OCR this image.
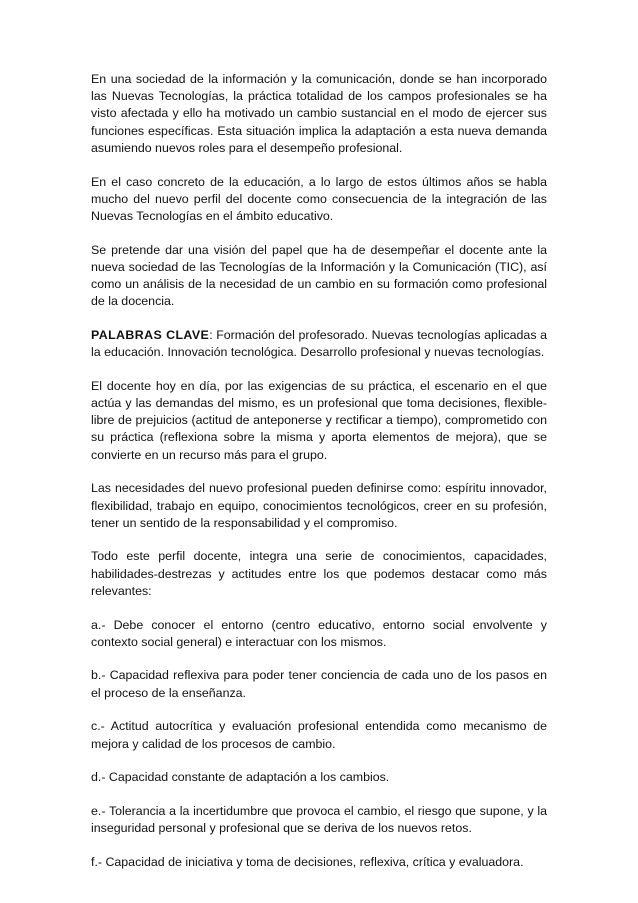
En una sociedad de la información y la comunicación, donde se han incorporado las Nuevas Tecnologías, la práctica totalidad de los campos profesionales se ha visto afectada y ello ha motivado un cambio sustancial en el modo de ejercer sus funciones específicas. Esta situación implica la adaptación a esta nueva demanda asumiendo nuevos roles para el desempeño profesional.

En el caso concreto de la educación, a lo largo de estos últimos años se habla mucho del nuevo perfil del docente como consecuencia de la integración de las Nuevas Tecnologías en el ámbito educativo.

Se pretende dar una visión del papel que ha de desempeñar el docente ante la nueva sociedad de las Tecnologías de la Información y la Comunicación (TIC), así como un análisis de la necesidad de un cambio en su formación como profesional de la docencia.

PALABRAS CLAVE: Formación del profesorado. Nuevas tecnologías aplicadas a la educación. Innovación tecnológica. Desarrollo profesional y nuevas tecnologías.

El docente hoy en día, por las exigencias de su práctica, el escenario en el que actúa y las demandas del mismo, es un profesional que toma decisiones, flexible-libre de prejuicios (actitud de anteponerse y rectificar a tiempo), comprometido con su práctica (reflexiona sobre la misma y aporta elementos de mejora), que se convierte en un recurso más para el grupo.

Las necesidades del nuevo profesional pueden definirse como: espíritu innovador, flexibilidad, trabajo en equipo, conocimientos tecnológicos, creer en su profesión, tener un sentido de la responsabilidad y el compromiso.

Todo este perfil docente, integra una serie de conocimientos, capacidades, habilidades-destrezas y actitudes entre los que podemos destacar como más relevantes:

a.- Debe conocer el entorno (centro educativo, entorno social envolvente y contexto social general) e interactuar con los mismos.

b.- Capacidad reflexiva para poder tener conciencia de cada uno de los pasos en el proceso de la enseñanza.

c.- Actitud autocrítica y evaluación profesional entendida como mecanismo de mejora y calidad de los procesos de cambio.

d.- Capacidad constante de adaptación a los cambios.

e.- Tolerancia a la incertidumbre que provoca el cambio, el riesgo que supone, y la inseguridad personal y profesional que se deriva de los nuevos retos.

f.- Capacidad de iniciativa y toma de decisiones, reflexiva, crítica y evaluadora.
